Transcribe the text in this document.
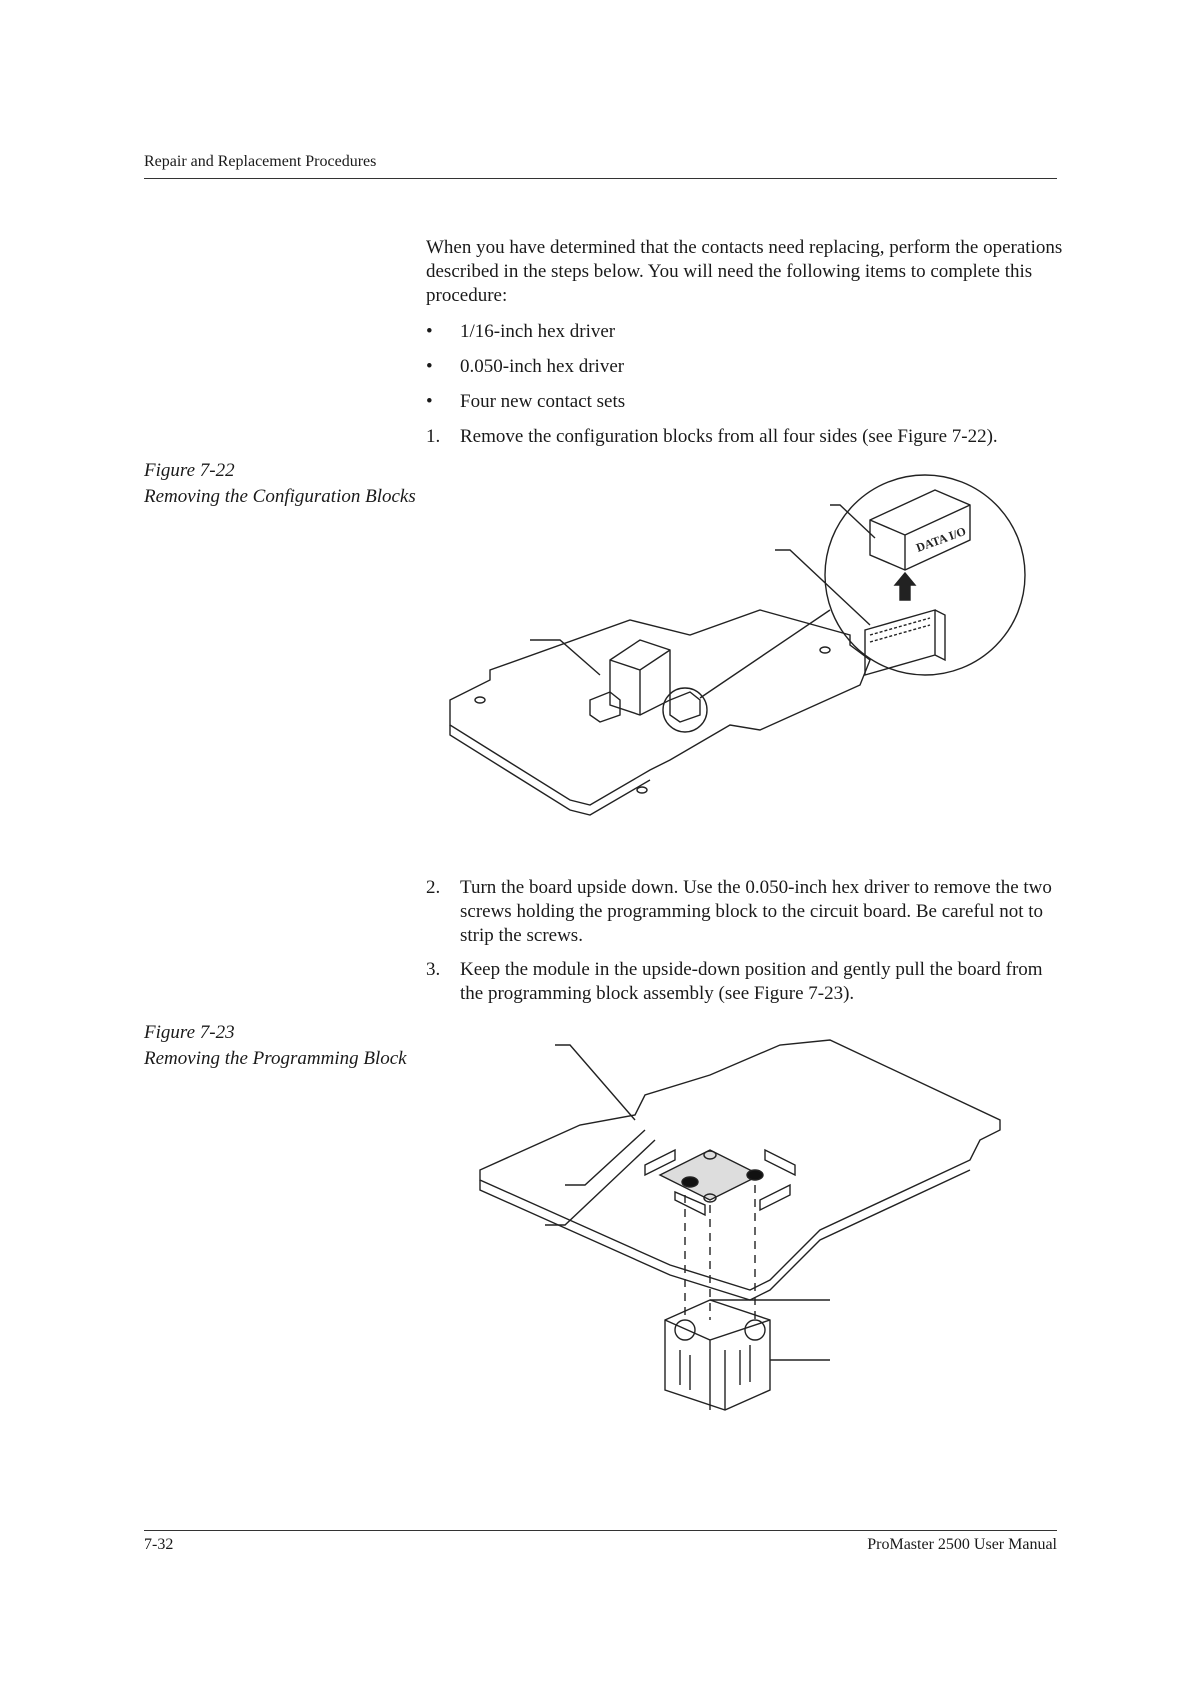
Repair and Replacement Procedures
When you have determined that the contacts need replacing, perform the operations described in the steps below. You will need the following items to complete this procedure:
•	1/16-inch hex driver
•	0.050-inch hex driver
•	Four new contact sets
1.	Remove the configuration blocks from all four sides (see Figure 7-22).
Figure 7-22
Removing the Configuration Blocks
DATA I/O
2.	Turn the board upside down. Use the 0.050-inch hex driver to remove the two screws holding the programming block to the circuit board. Be careful not to strip the screws.
3.	Keep the module in the upside-down position and gently pull the board from the programming block assembly (see Figure 7-23).
Figure 7-23
Removing the Programming Block
7-32	ProMaster 2500 User Manual
